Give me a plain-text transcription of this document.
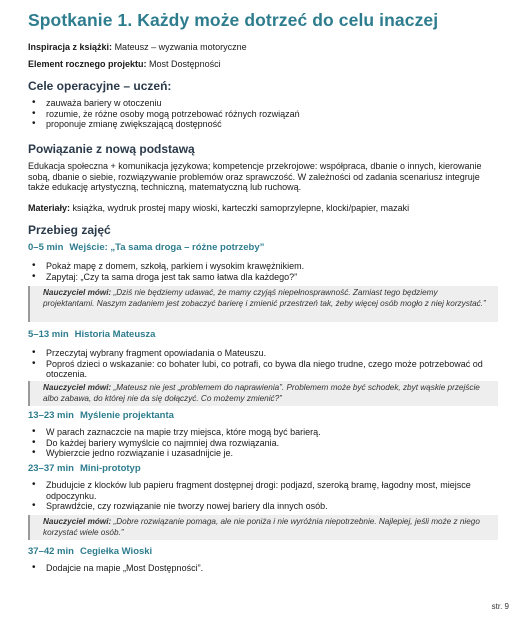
Spotkanie 1. Każdy może dotrzeć do celu inaczej
Inspiracja z książki: Mateusz – wyzwania motoryczne
Element rocznego projektu: Most Dostępności
Cele operacyjne – uczeń:
• zauważa bariery w otoczeniu
• rozumie, że różne osoby mogą potrzebować różnych rozwiązań
• proponuje zmianę zwiększającą dostępność
Powiązanie z nową podstawą
Edukacja społeczna + komunikacja językowa; kompetencje przekrojowe: współpraca, dbanie o innych, kierowanie sobą, dbanie o siebie, rozwiązywanie problemów oraz sprawczość. W zależności od zadania scenariusz integruje także edukację artystyczną, techniczną, matematyczną lub ruchową.
Materiały: książka, wydruk prostej mapy wioski, karteczki samoprzylepne, klocki/papier, mazaki
Przebieg zajęć
0–5 min Wejście: „Ta sama droga – różne potrzeby”
• Pokaż mapę z domem, szkołą, parkiem i wysokim krawężnikiem.
• Zapytaj: „Czy ta sama droga jest tak samo łatwa dla każdego?”
Nauczyciel mówi: „Dziś nie będziemy udawać, że mamy czyjąś niepełnosprawność. Zamiast tego będziemy projektantami. Naszym zadaniem jest zobaczyć barierę i zmienić przestrzeń tak, żeby więcej osób mogło z niej korzystać.”
5–13 min Historia Mateusza
• Przeczytaj wybrany fragment opowiadania o Mateuszu.
• Poproś dzieci o wskazanie: co bohater lubi, co potrafi, co bywa dla niego trudne, czego może potrzebować od otoczenia.
Nauczyciel mówi: „Mateusz nie jest „problemem do naprawienia”. Problemem może być schodek, zbyt wąskie przejście albo zabawa, do której nie da się dołączyć. Co możemy zmienić?”
13–23 min Myślenie projektanta
• W parach zaznaczcie na mapie trzy miejsca, które mogą być barierą.
• Do każdej bariery wymyślcie co najmniej dwa rozwiązania.
• Wybierzcie jedno rozwiązanie i uzasadnijcie je.
23–37 min Mini-prototyp
• Zbudujcie z klocków lub papieru fragment dostępnej drogi: podjazd, szeroką bramę, łagodny most, miejsce odpoczynku.
• Sprawdźcie, czy rozwiązanie nie tworzy nowej bariery dla innych osób.
Nauczyciel mówi: „Dobre rozwiązanie pomaga, ale nie poniża i nie wyróżnia niepotrzebnie. Najlepiej, jeśli może z niego korzystać wiele osób.”
37–42 min Cegiełka Wioski
• Dodajcie na mapie „Most Dostępności”.
str. 9
